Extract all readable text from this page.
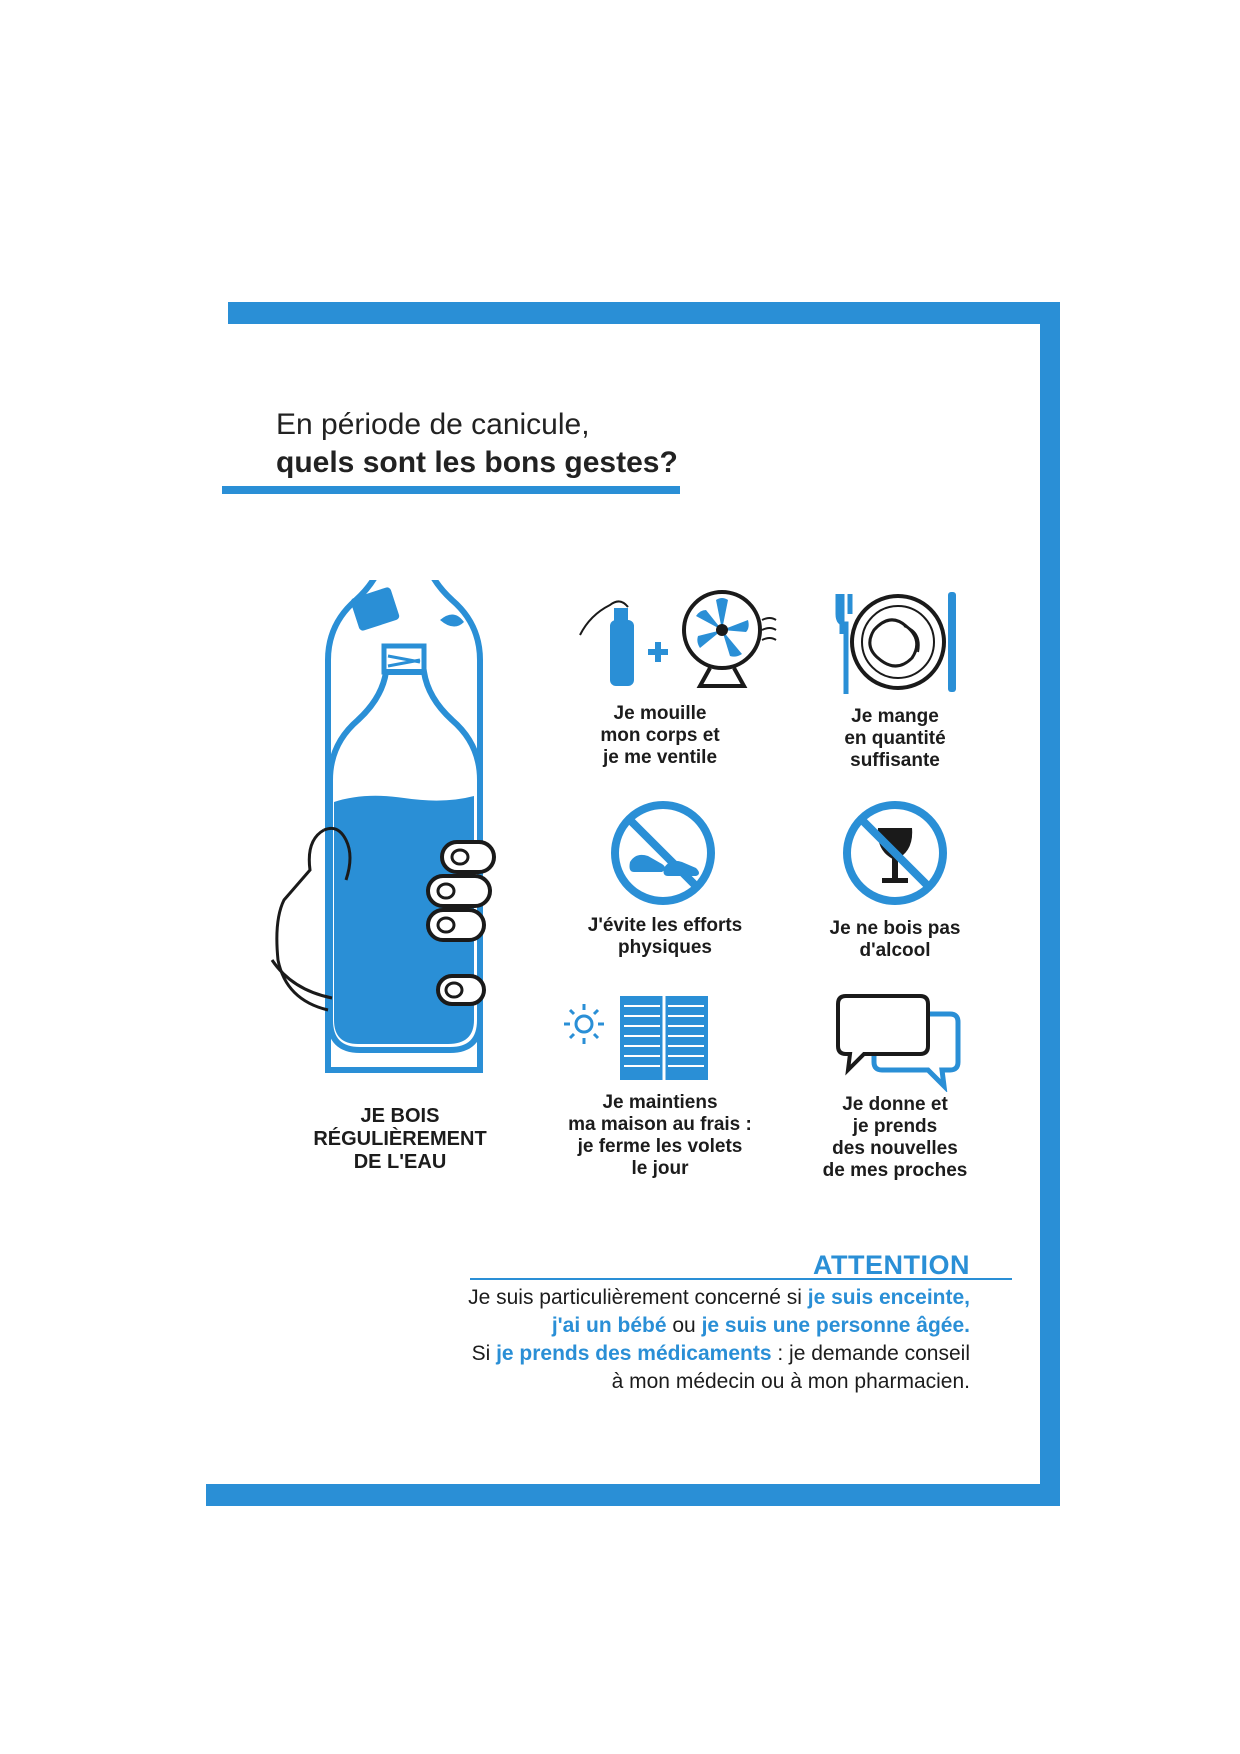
En période de canicule,
quels sont les bons gestes?
JE BOIS
RÉGULIÈREMENT
DE L'EAU
Je mouille
mon corps et
je me ventile
Je mange
en quantité
suffisante
J'évite les efforts
physiques
Je ne bois pas
d'alcool
Je maintiens
ma maison au frais :
je ferme les volets
le jour
Je donne et
je prends
des nouvelles
de mes proches
ATTENTION
Je suis particulièrement concerné si je suis enceinte,
j'ai un bébé ou je suis une personne âgée.
Si je prends des médicaments : je demande conseil
à mon médecin ou à mon pharmacien.
